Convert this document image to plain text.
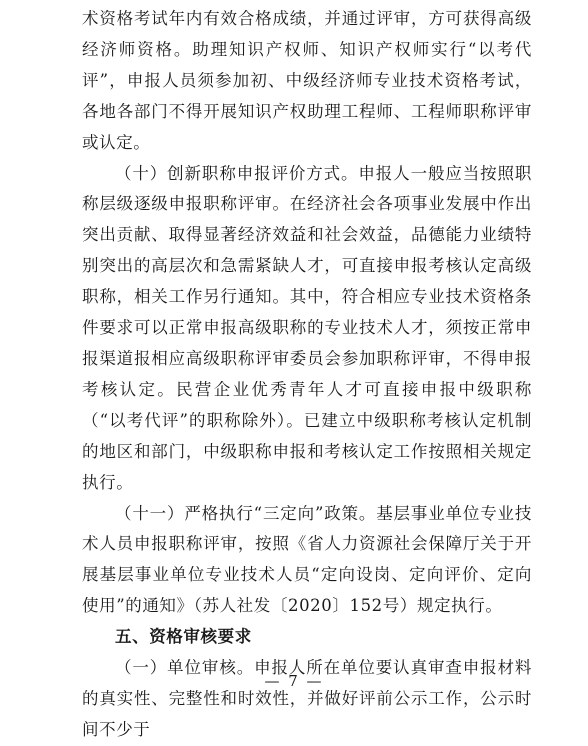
术资格考试年内有效合格成绩，并通过评审，方可获得高级经济师资格。助理知识产权师、知识产权师实行“以考代评”，申报人员须参加初、中级经济师专业技术资格考试，各地各部门不得开展知识产权助理工程师、工程师职称评审或认定。

（十）创新职称申报评价方式。申报人一般应当按照职称层级逐级申报职称评审。在经济社会各项事业发展中作出突出贡献、取得显著经济效益和社会效益，品德能力业绩特别突出的高层次和急需紧缺人才，可直接申报考核认定高级职称，相关工作另行通知。其中，符合相应专业技术资格条件要求可以正常申报高级职称的专业技术人才，须按正常申报渠道报相应高级职称评审委员会参加职称评审，不得申报考核认定。民营企业优秀青年人才可直接申报中级职称（“以考代评”的职称除外）。已建立中级职称考核认定机制的地区和部门，中级职称申报和考核认定工作按照相关规定执行。

（十一）严格执行“三定向”政策。基层事业单位专业技术人员申报职称评审，按照《省人力资源社会保障厅关于开展基层事业单位专业技术人员“定向设岗、定向评价、定向使用”的通知》（苏人社发〔2020〕152号）规定执行。

五、资格审核要求

（一）单位审核。申报人所在单位要认真审查申报材料的真实性、完整性和时效性，并做好评前公示工作，公示时间不少于

— 7 —
